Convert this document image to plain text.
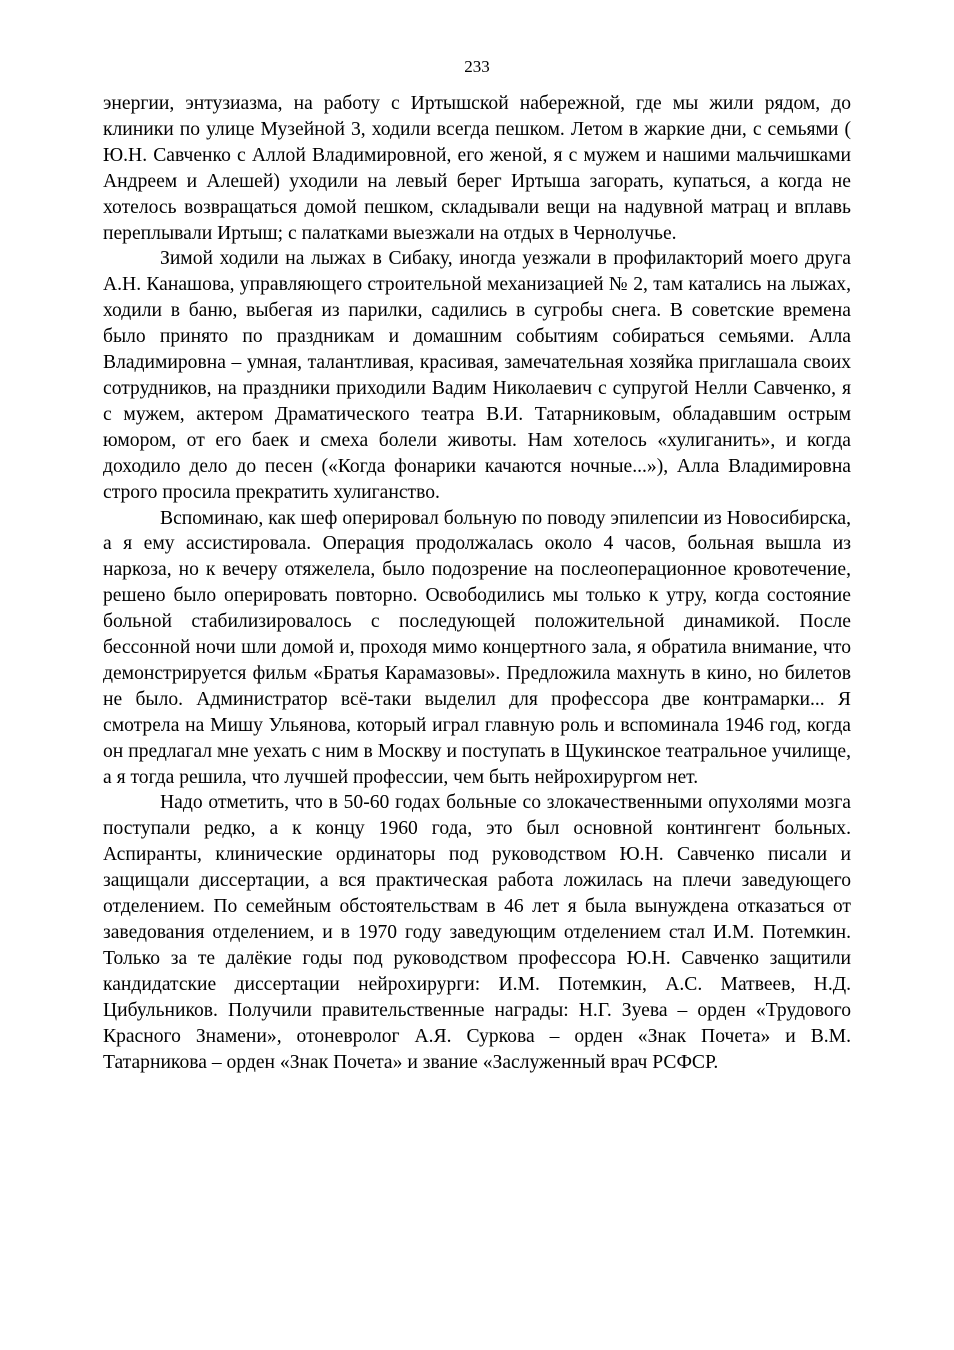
233

энергии, энтузиазма, на работу с Иртышской набережной, где мы жили рядом, до клиники по улице Музейной 3, ходили всегда пешком. Летом в жаркие дни, с семьями ( Ю.Н. Савченко с Аллой Владимировной, его женой, я с мужем и нашими мальчишками Андреем и Алешей) уходили на левый берег Иртыша загорать, купаться, а когда не хотелось возвращаться домой пешком, складывали вещи на надувной матрац и вплавь переплывали Иртыш; с палатками выезжали на отдых в Чернолучье.

Зимой ходили на лыжах в Сибаку, иногда уезжали в профилакторий моего друга А.Н. Канашова, управляющего строительной механизацией № 2, там катались на лыжах, ходили в баню, выбегая из парилки, садились в сугробы снега. В советские времена было принято по праздникам и домашним событиям собираться семьями. Алла Владимировна – умная, талантливая, красивая, замечательная хозяйка приглашала своих сотрудников, на праздники приходили Вадим Николаевич с супругой Нелли Савченко, я с мужем, актером Драматического театра В.И. Татарниковым, обладавшим острым юмором, от его баек и смеха болели животы. Нам хотелось «хулиганить», и когда доходило дело до песен («Когда фонарики качаются ночные...»), Алла Владимировна строго просила прекратить хулиганство.

Вспоминаю, как шеф оперировал больную по поводу эпилепсии из Новосибирска, а я ему ассистировала. Операция продолжалась около 4 часов, больная вышла из наркоза, но к вечеру отяжелела, было подозрение на послеоперационное кровотечение, решено было оперировать повторно. Освободились мы только к утру, когда состояние больной стабилизировалось с последующей положительной динамикой. После бессонной ночи шли домой и, проходя мимо концертного зала, я обратила внимание, что демонстрируется фильм «Братья Карамазовы». Предложила махнуть в кино, но билетов не было. Администратор всё-таки выделил для профессора две контрамарки... Я смотрела на Мишу Ульянова, который играл главную роль и вспоминала 1946 год, когда он предлагал мне уехать с ним в Москву и поступать в Щукинское театральное училище, а я тогда решила, что лучшей профессии, чем быть нейрохирургом нет.

Надо отметить, что в 50-60 годах больные со злокачественными опухолями мозга поступали редко, а к концу 1960 года, это был основной контингент больных. Аспиранты, клинические ординаторы под руководством Ю.Н. Савченко писали и защищали диссертации, а вся практическая работа ложилась на плечи заведующего отделением. По семейным обстоятельствам в 46 лет я была вынуждена отказаться от заведования отделением, и в 1970 году заведующим отделением стал И.М. Потемкин. Только за те далёкие годы под руководством профессора Ю.Н. Савченко защитили кандидатские диссертации нейрохирурги: И.М. Потемкин, А.С. Матвеев, Н.Д. Цибульников. Получили правительственные награды: Н.Г. Зуева – орден «Трудового Красного Знамени», отоневролог А.Я. Суркова – орден «Знак Почета» и В.М. Татарникова – орден «Знак Почета» и звание «Заслуженный врач РСФСР.
